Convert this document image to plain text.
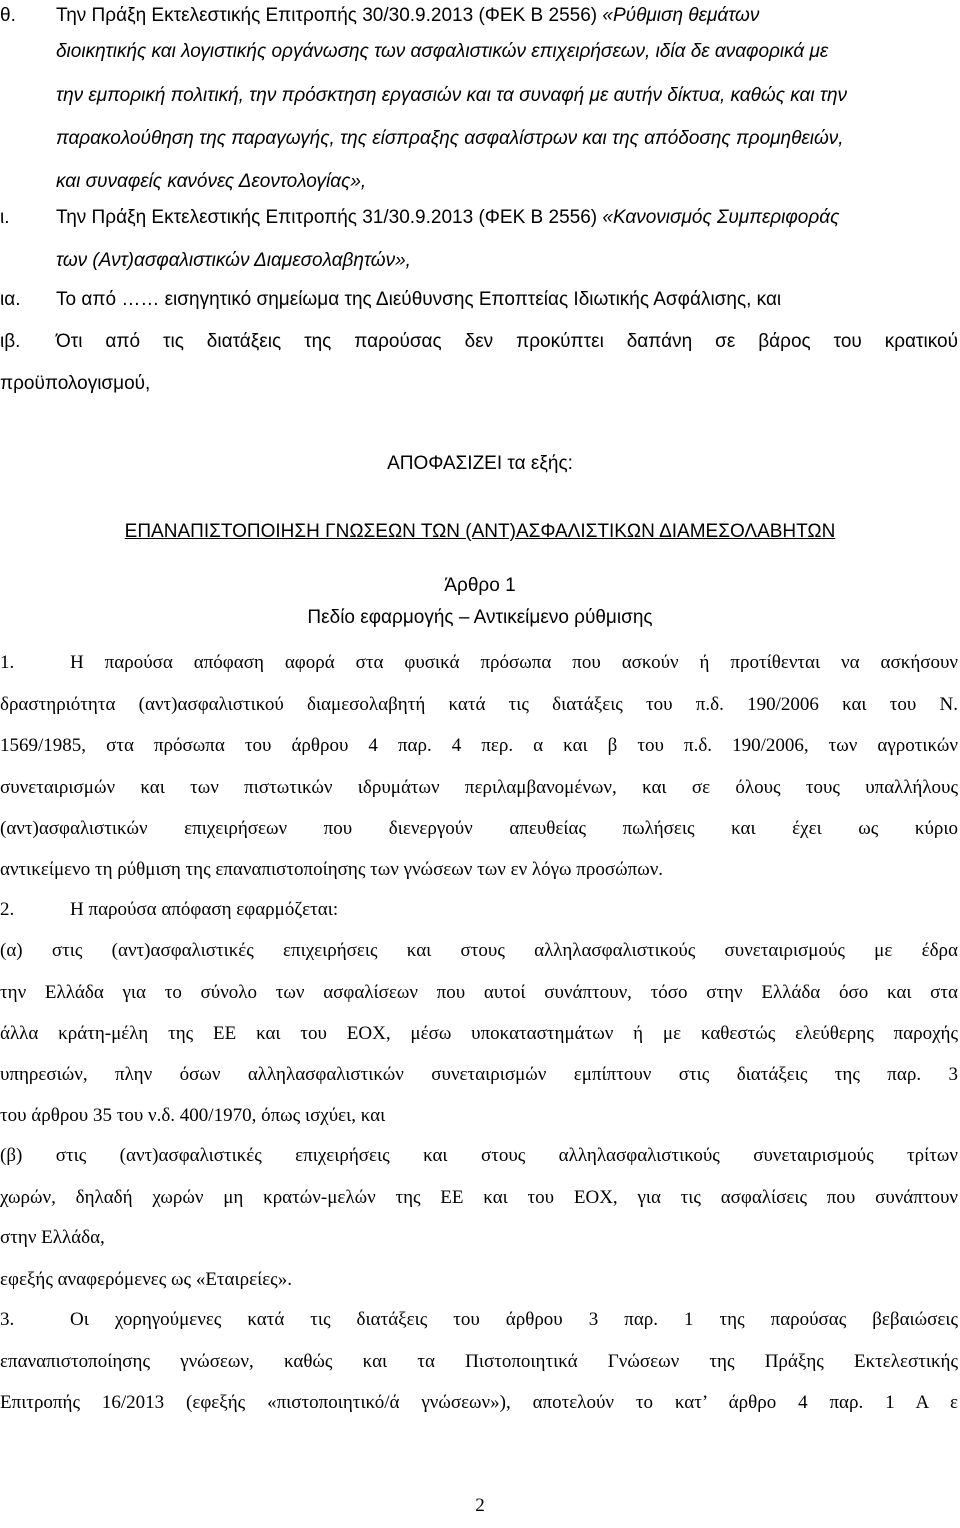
θ. Την Πράξη Εκτελεστικής Επιτροπής 30/30.9.2013 (ΦΕΚ Β 2556) «Ρύθμιση θεμάτων
διοικητικής και λογιστικής οργάνωσης των ασφαλιστικών επιχειρήσεων, ιδία δε αναφορικά με
την εμπορική πολιτική, την πρόσκτηση εργασιών και τα συναφή με αυτήν δίκτυα, καθώς και την
παρακολούθηση της παραγωγής, της είσπραξης ασφαλίστρων και της απόδοσης προμηθειών,
και συναφείς κανόνες Δεοντολογίας»,
ι. Την Πράξη Εκτελεστικής Επιτροπής 31/30.9.2013 (ΦΕΚ Β 2556) «Κανονισμός Συμπεριφοράς
των (Αντ)ασφαλιστικών Διαμεσολαβητών»,
ια. Το από …… εισηγητικό σημείωμα της Διεύθυνσης Εποπτείας Ιδιωτικής Ασφάλισης, και
ιβ. Ότι από τις διατάξεις της παρούσας δεν προκύπτει δαπάνη σε βάρος του κρατικού
προϋπολογισμού,
ΑΠΟΦΑΣΙΖΕΙ τα εξής:
ΕΠΑΝΑΠΙΣΤΟΠΟΙΗΣΗ ΓΝΩΣΕΩΝ ΤΩΝ (ΑΝΤ)ΑΣΦΑΛΙΣΤΙΚΩΝ ΔΙΑΜΕΣΟΛΑΒΗΤΩΝ
Άρθρο 1
Πεδίο εφαρμογής – Αντικείμενο ρύθμισης
1.	Η παρούσα απόφαση αφορά στα φυσικά πρόσωπα που ασκούν ή προτίθενται να ασκήσουν
δραστηριότητα (αντ)ασφαλιστικού διαμεσολαβητή κατά τις διατάξεις του π.δ. 190/2006 και του Ν.
1569/1985, στα πρόσωπα του άρθρου 4 παρ. 4 περ. α και β του π.δ. 190/2006, των αγροτικών
συνεταιρισμών και των πιστωτικών ιδρυμάτων περιλαμβανομένων, και σε όλους τους υπαλλήλους
(αντ)ασφαλιστικών επιχειρήσεων που διενεργούν απευθείας πωλήσεις και έχει ως κύριο
αντικείμενο τη ρύθμιση της επαναπιστοποίησης των γνώσεων των εν λόγω προσώπων.
2.	Η παρούσα απόφαση εφαρμόζεται:
(α) στις (αντ)ασφαλιστικές επιχειρήσεις και στους αλληλασφαλιστικούς συνεταιρισμούς με έδρα
την Ελλάδα για το σύνολο των ασφαλίσεων που αυτοί συνάπτουν, τόσο στην Ελλάδα όσο και στα
άλλα κράτη-μέλη της ΕΕ και του ΕΟΧ, μέσω υποκαταστημάτων ή με καθεστώς ελεύθερης παροχής
υπηρεσιών, πλην όσων αλληλασφαλιστικών συνεταιρισμών εμπίπτουν στις διατάξεις της παρ. 3
του άρθρου 35 του ν.δ. 400/1970, όπως ισχύει, και
(β) στις (αντ)ασφαλιστικές επιχειρήσεις και στους αλληλασφαλιστικούς συνεταιρισμούς τρίτων
χωρών, δηλαδή χωρών μη κρατών-μελών της ΕΕ και του ΕΟΧ, για τις ασφαλίσεις που συνάπτουν
στην Ελλάδα,
εφεξής αναφερόμενες ως «Εταιρείες».
3.	Οι χορηγούμενες κατά τις διατάξεις του άρθρου 3 παρ. 1 της παρούσας βεβαιώσεις
επαναπιστοποίησης γνώσεων, καθώς και τα Πιστοποιητικά Γνώσεων της Πράξης Εκτελεστικής
Επιτροπής 16/2013 (εφεξής «πιστοποιητικό/ά γνώσεων»), αποτελούν το κατ’ άρθρο 4 παρ. 1 Α ε
2
